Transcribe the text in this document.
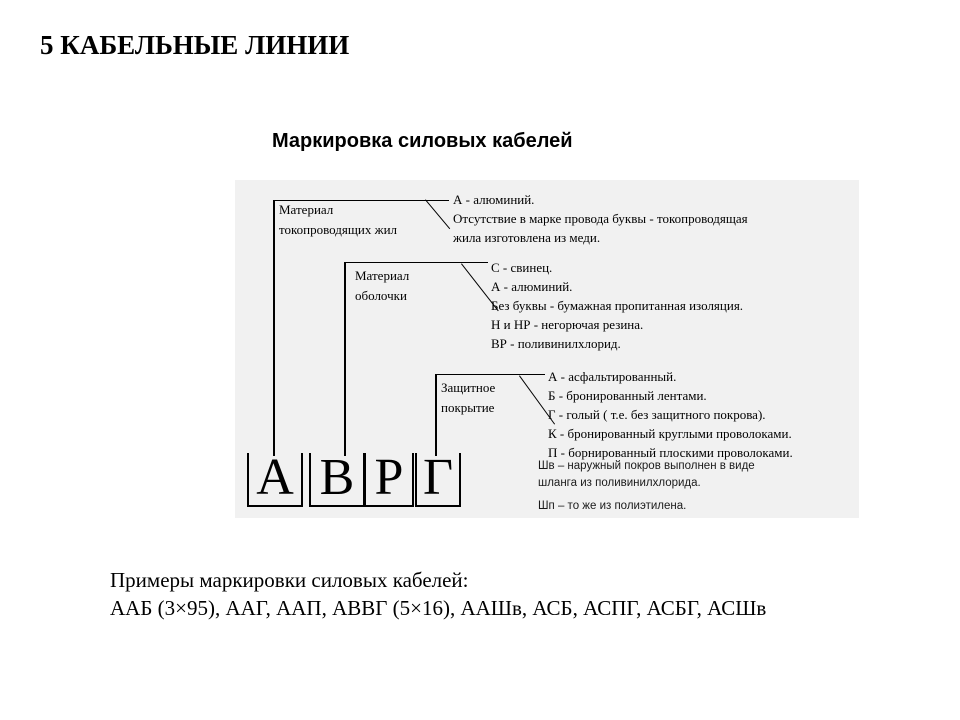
5 КАБЕЛЬНЫЕ ЛИНИИ
Маркировка силовых кабелей
Материал
токопроводящих жил
А - алюминий.
Отсутствие в марке провода буквы - токопроводящая
жила изготовлена из меди.
Материал
оболочки
С - свинец.
А - алюминий.
Без буквы - бумажная пропитанная изоляция.
Н и НР - негорючая резина.
ВР - поливинилхлорид.
Защитное
покрытие
А - асфальтированный.
Б - бронированный лентами.
Г - голый ( т.е. без защитного покрова).
К - бронированный круглыми проволоками.
П - борнированный плоскими проволоками.
Шв – наружный покров выполнен в виде
шланга из поливинилхлорида.
Шп – то же из полиэтилена.
А В Р Г
Примеры маркировки силовых кабелей:
ААБ (3×95), ААГ, ААП, АВВГ (5×16), ААШв, АСБ, АСПГ, АСБГ, АСШв
